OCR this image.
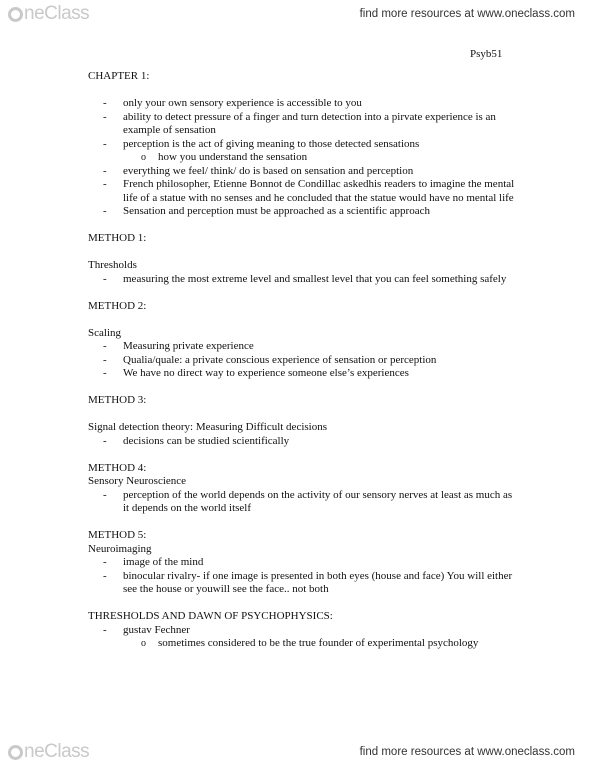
neClass	find more resources at www.oneclass.com
Psyb51

CHAPTER 1:

- only your own sensory experience is accessible to you
- ability to detect pressure of a finger and turn detection into a pirvate experience is an example of sensation
- perception is the act of giving meaning to those detected sensations
o how you understand the sensation
- everything we feel/ think/ do is based on sensation and perception
- French philosopher, Etienne Bonnot de Condillac askedhis readers to imagine the mental life of a statue with no senses and he concluded that the statue would have no mental life
- Sensation and perception must be approached as a scientific approach

METHOD 1:

Thresholds

- measuring the most extreme level and smallest level that you can feel something safely

METHOD 2:

Scaling

- Measuring private experience
- Qualia/quale: a private conscious experience of sensation or perception
- We have no direct way to experience someone else’s experiences

METHOD 3:

Signal detection theory: Measuring Difficult decisions

- decisions can be studied scientifically

METHOD 4:

Sensory Neuroscience

- perception of the world depends on the activity of our sensory nerves at least as much as it depends on the world itself

METHOD 5:

Neuroimaging

- image of the mind
- binocular rivalry- if one image is presented in both eyes (house and face) You will either see the house or youwill see the face.. not both

THRESHOLDS AND DAWN OF PSYCHOPHYSICS:

- gustav Fechner
o sometimes considered to be the true founder of experimental psychology
neClass	find more resources at www.oneclass.com
